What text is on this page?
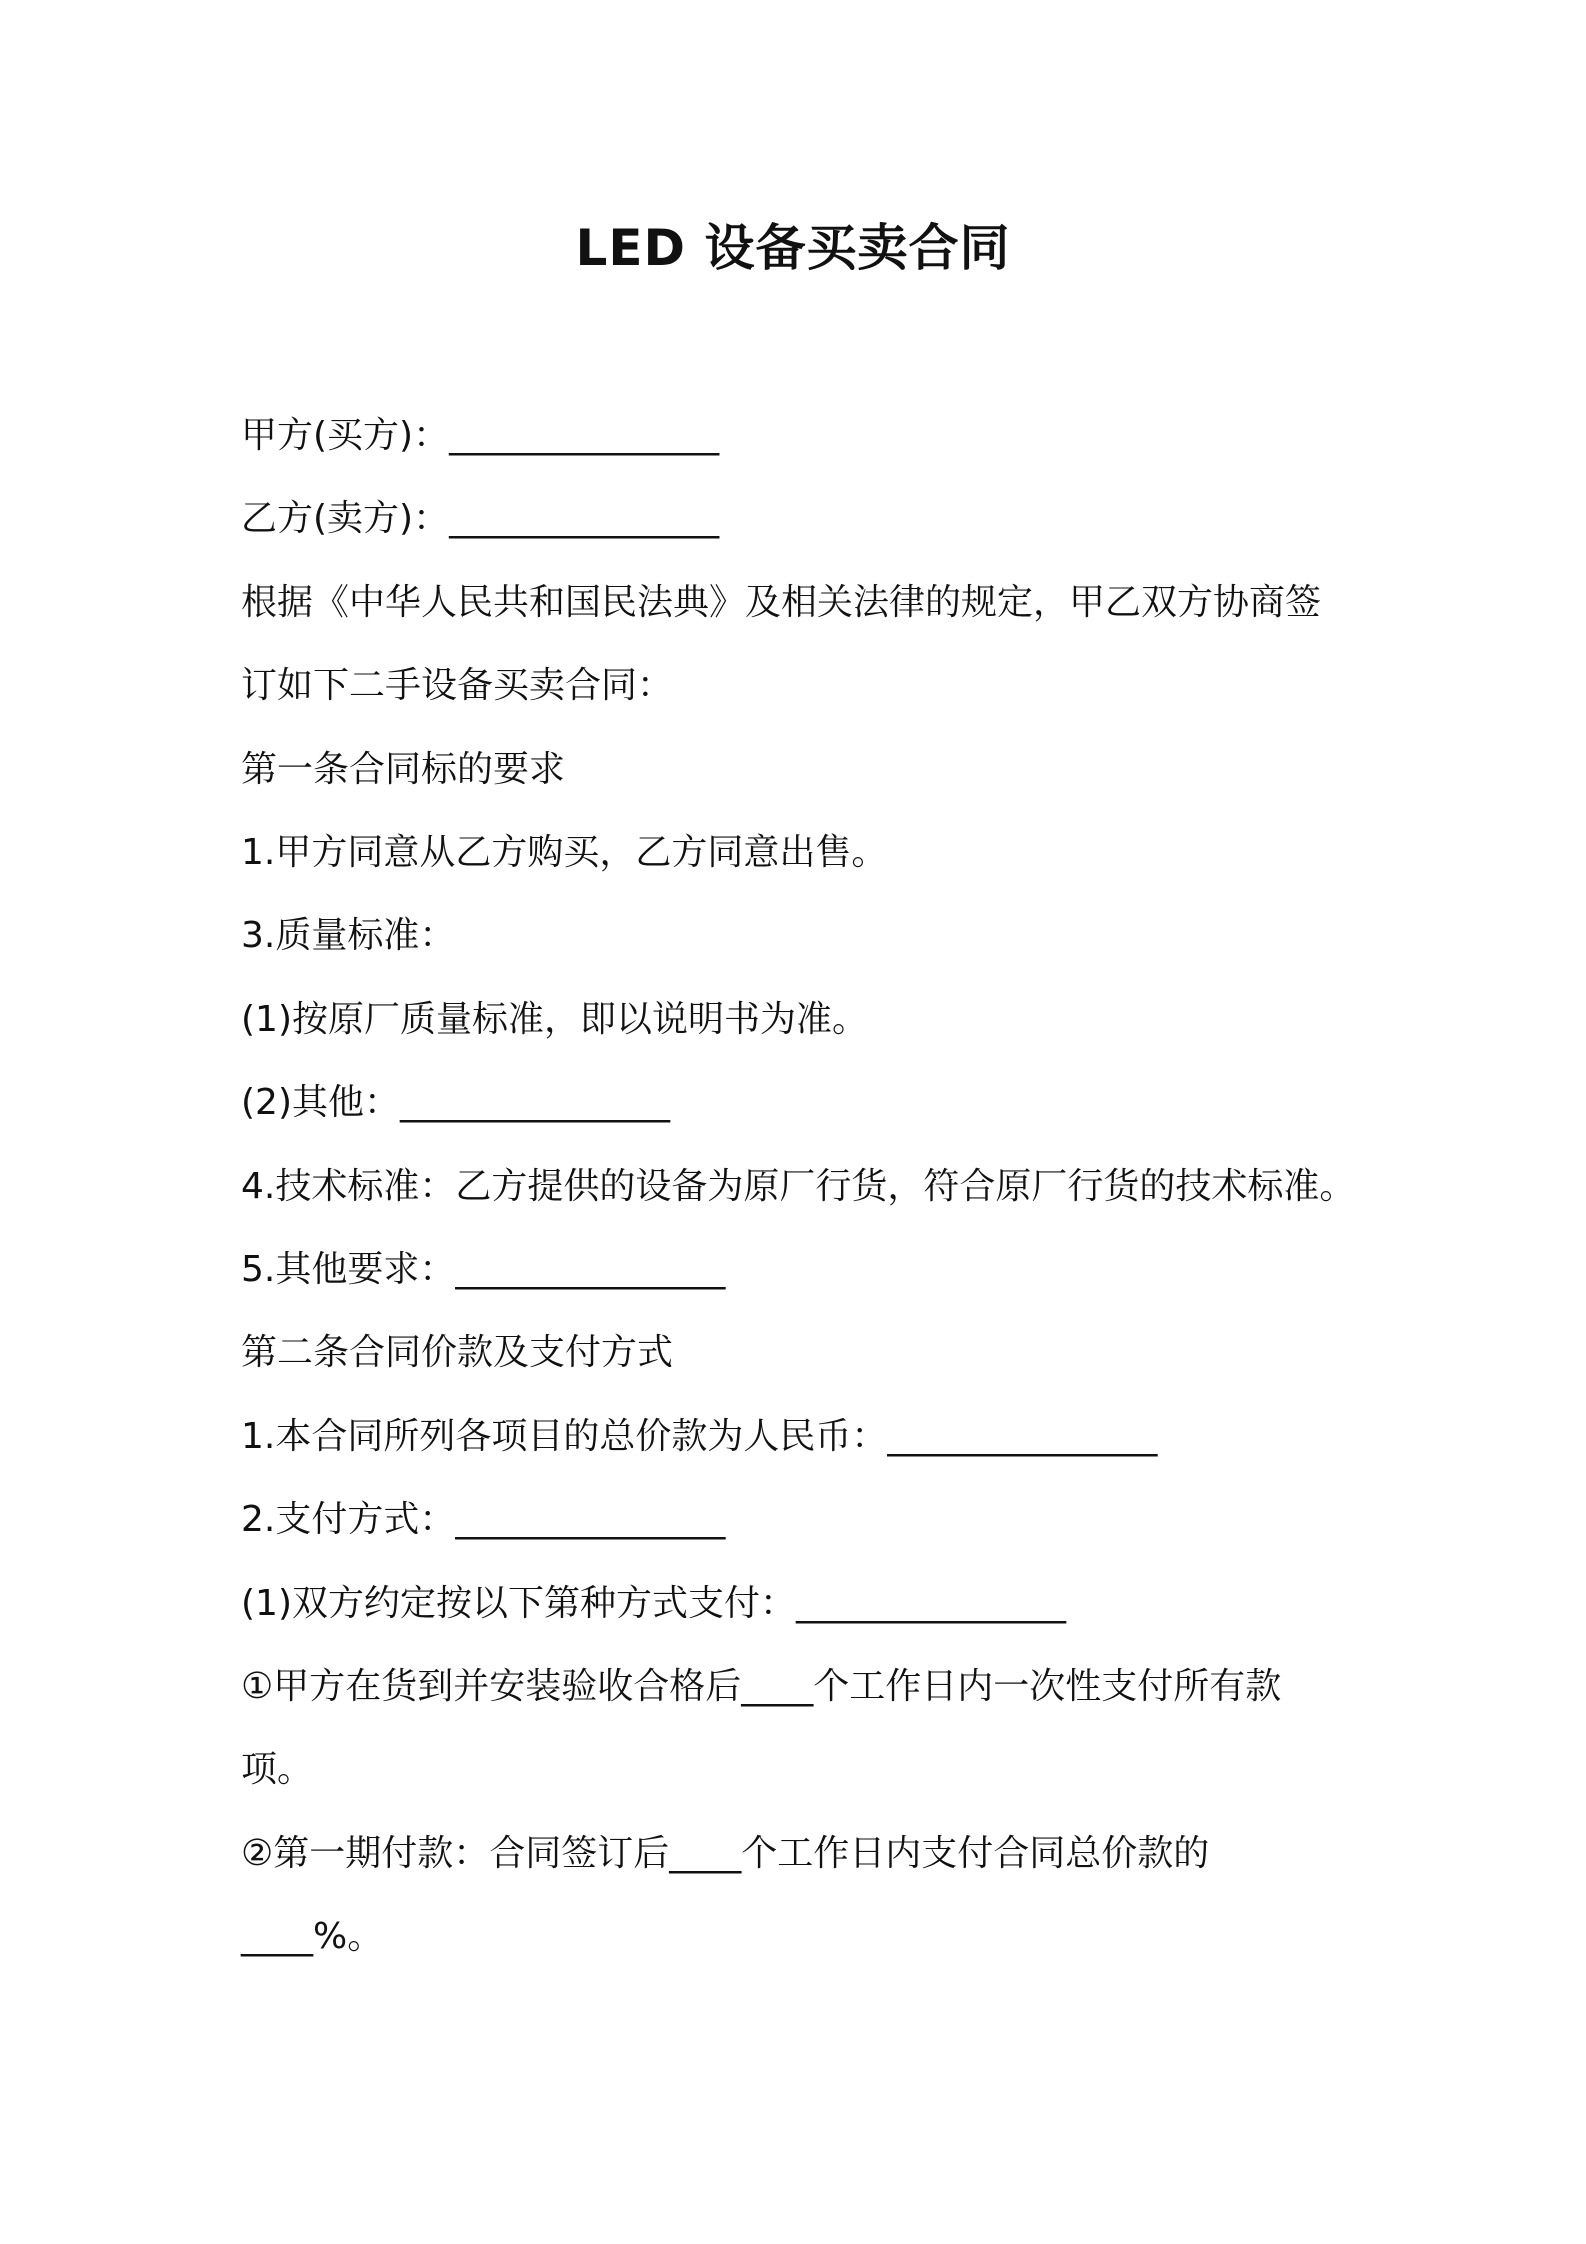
LED 设备买卖合同
甲方(买方)：_______________
乙方(卖方)：_______________
根据《中华人民共和国民法典》及相关法律的规定，甲乙双方协商签
订如下二手设备买卖合同：
第一条合同标的要求
1.甲方同意从乙方购买，乙方同意出售。
3.质量标准：
(1)按原厂质量标准，即以说明书为准。
(2)其他：_______________
4.技术标准：乙方提供的设备为原厂行货，符合原厂行货的技术标准。
5.其他要求：_______________
第二条合同价款及支付方式
1.本合同所列各项目的总价款为人民币：_______________
2.支付方式：_______________
(1)双方约定按以下第种方式支付：_______________
①甲方在货到并安装验收合格后____个工作日内一次性支付所有款
项。
②第一期付款：合同签订后____个工作日内支付合同总价款的
____%。
